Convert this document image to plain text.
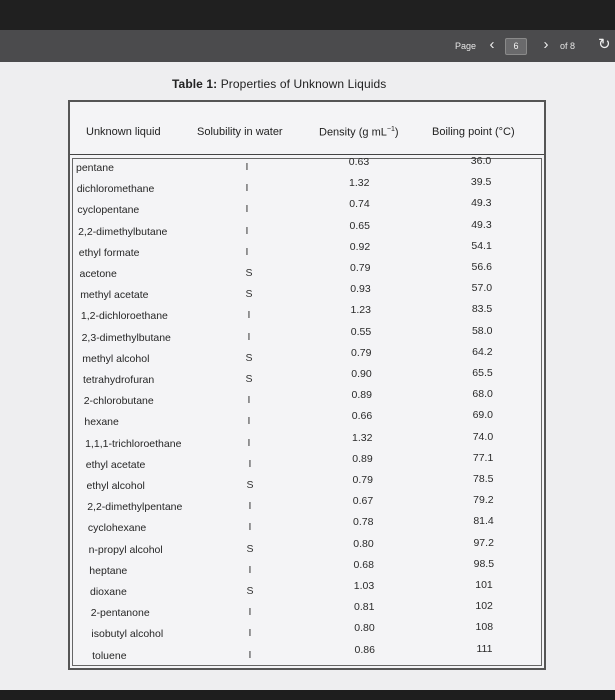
Page ‹	6	›	of 8 ↻
Table 1: Properties of Unknown Liquids
Unknown liquid	Solubility in water	Density (g $mL^{-1}$)	Boiling point (°C)
pentane	I	0.63	36.0
dichloromethane	I	1.32	39.5
cyclopentane	I	0.74	49.3
2,2-dimethylbutane	I	0.65	49.3
ethyl formate	I	0.92	54.1
acetone	S	0.79	56.6
methyl acetate	S	0.93	57.0
1,2-dichloroethane	I	1.23	83.5
2,3-dimethylbutane	I	0.55	58.0
methyl alcohol	S	0.79	64.2
tetrahydrofuran	S	0.90	65.5
2-chlorobutane	I	0.89	68.0
hexane	I	0.66	69.0
1,1,1-trichloroethane	I	1.32	74.0
ethyl acetate	I	0.89	77.1
ethyl alcohol	S	0.79	78.5
2,2-dimethylpentane	I	0.67	79.2
cyclohexane	I	0.78	81.4
n-propyl alcohol	S	0.80	97.2
heptane	I	0.68	98.5
dioxane	S	1.03	101
2-pentanone	I	0.81	102
isobutyl alcohol	I	0.80	108
toluene	I	0.86	111
